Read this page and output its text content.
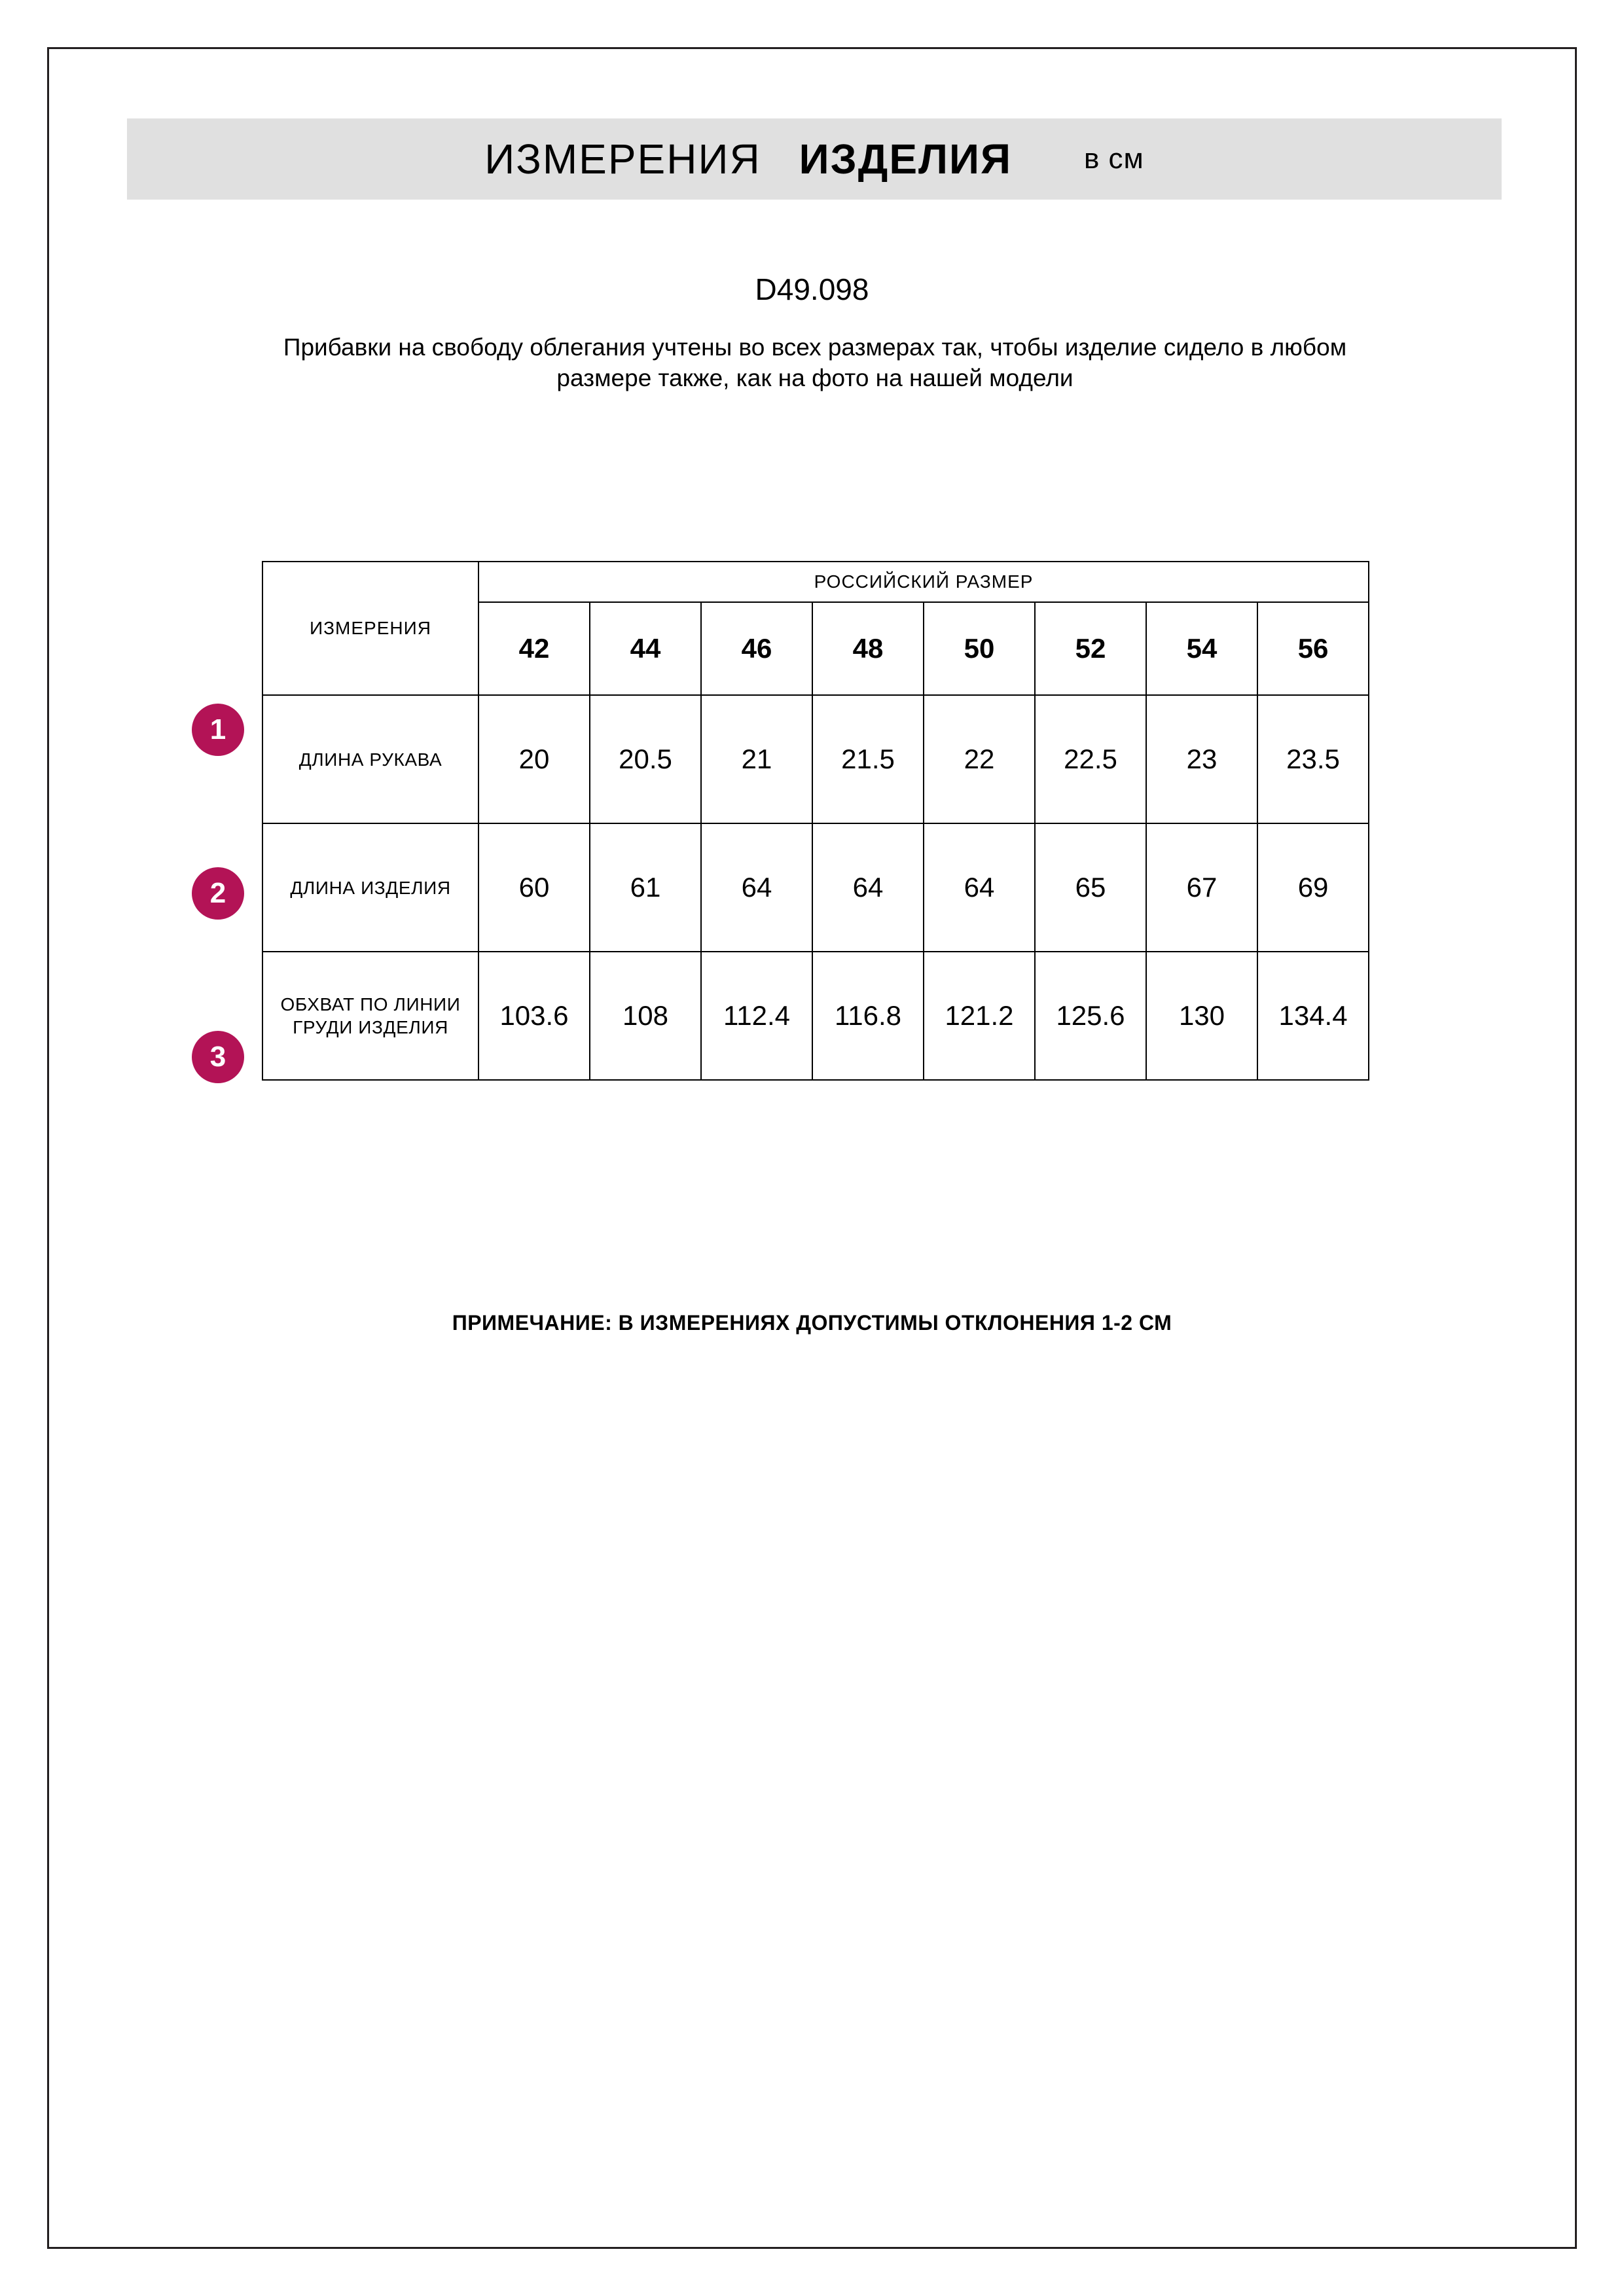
ИЗМЕРЕНИЯ ИЗДЕЛИЯ	в см
D49.098
Прибавки на свободу облегания учтены во всех размерах так, чтобы изделие сидело в любом размере также, как на фото на нашей модели
1
2
3
ИЗМЕРЕНИЯ	РОССИЙСКИЙ РАЗМЕР							
	42	44	46	48	50	52	54	56
ДЛИНА РУКАВА	20	20.5	21	21.5	22	22.5	23	23.5
ДЛИНА ИЗДЕЛИЯ	60	61	64	64	64	65	67	69
ОБХВАТ ПО ЛИНИИ ГРУДИ ИЗДЕЛИЯ	103.6	108	112.4	116.8	121.2	125.6	130	134.4
ПРИМЕЧАНИЕ: В ИЗМЕРЕНИЯХ ДОПУСТИМЫ ОТКЛОНЕНИЯ 1-2 СМ
